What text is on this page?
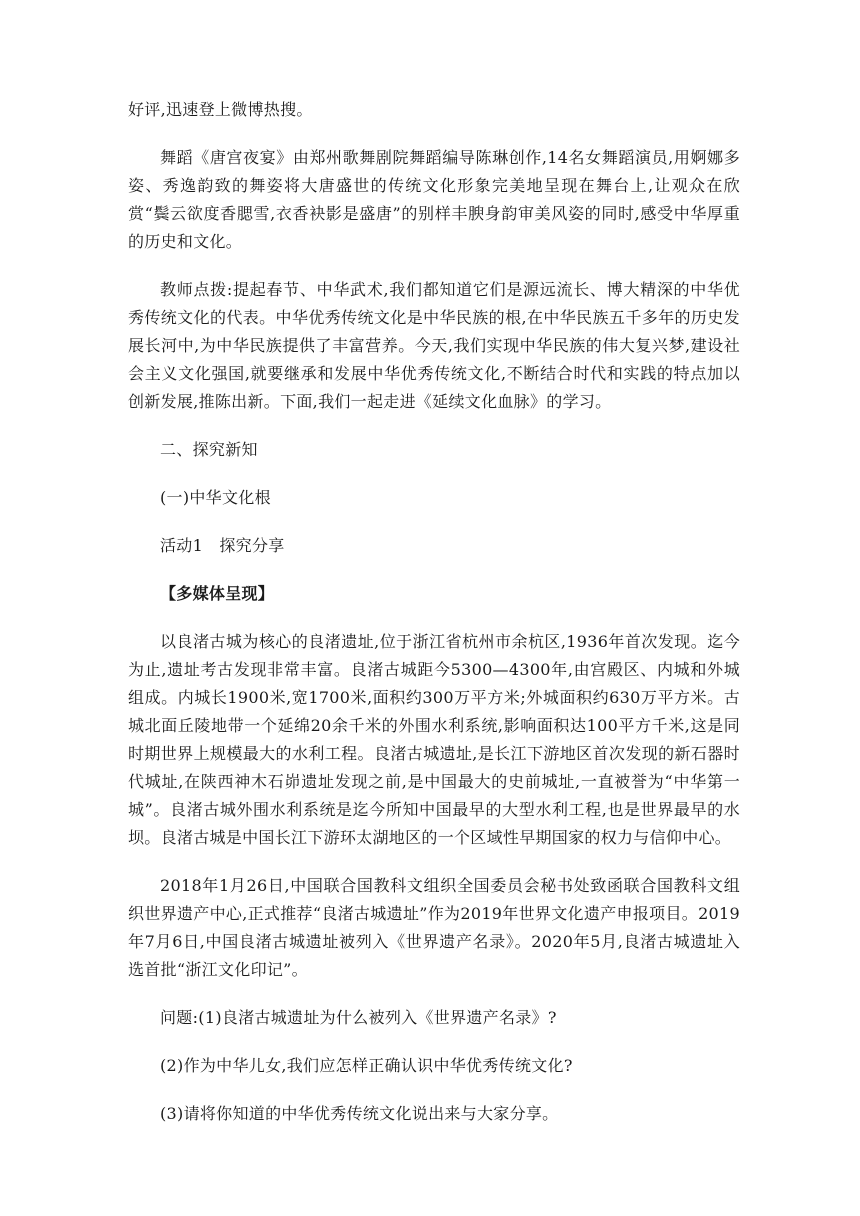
好评,迅速登上微博热搜。

舞蹈《唐宫夜宴》由郑州歌舞剧院舞蹈编导陈琳创作,14名女舞蹈演员,用婀娜多姿、秀逸韵致的舞姿将大唐盛世的传统文化形象完美地呈现在舞台上,让观众在欣赏“鬓云欲度香腮雪,衣香袂影是盛唐”的别样丰腴身韵审美风姿的同时,感受中华厚重的历史和文化。

教师点拨:提起春节、中华武术,我们都知道它们是源远流长、博大精深的中华优秀传统文化的代表。中华优秀传统文化是中华民族的根,在中华民族五千多年的历史发展长河中,为中华民族提供了丰富营养。今天,我们实现中华民族的伟大复兴梦,建设社会主义文化强国,就要继承和发展中华优秀传统文化,不断结合时代和实践的特点加以创新发展,推陈出新。下面,我们一起走进《延续文化血脉》的学习。

二、探究新知

(一)中华文化根

活动1　探究分享

【多媒体呈现】

以良渚古城为核心的良渚遗址,位于浙江省杭州市余杭区,1936年首次发现。迄今为止,遗址考古发现非常丰富。良渚古城距今5300—4300年,由宫殿区、内城和外城组成。内城长1900米,宽1700米,面积约300万平方米;外城面积约630万平方米。古城北面丘陵地带一个延绵20余千米的外围水利系统,影响面积达100平方千米,这是同时期世界上规模最大的水利工程。良渚古城遗址,是长江下游地区首次发现的新石器时代城址,在陕西神木石峁遗址发现之前,是中国最大的史前城址,一直被誉为“中华第一城”。良渚古城外围水利系统是迄今所知中国最早的大型水利工程,也是世界最早的水坝。良渚古城是中国长江下游环太湖地区的一个区域性早期国家的权力与信仰中心。

2018年1月26日,中国联合国教科文组织全国委员会秘书处致函联合国教科文组织世界遗产中心,正式推荐“良渚古城遗址”作为2019年世界文化遗产申报项目。2019年7月6日,中国良渚古城遗址被列入《世界遗产名录》。2020年5月,良渚古城遗址入选首批“浙江文化印记”。

问题:(1)良渚古城遗址为什么被列入《世界遗产名录》?

(2)作为中华儿女,我们应怎样正确认识中华优秀传统文化?

(3)请将你知道的中华优秀传统文化说出来与大家分享。
